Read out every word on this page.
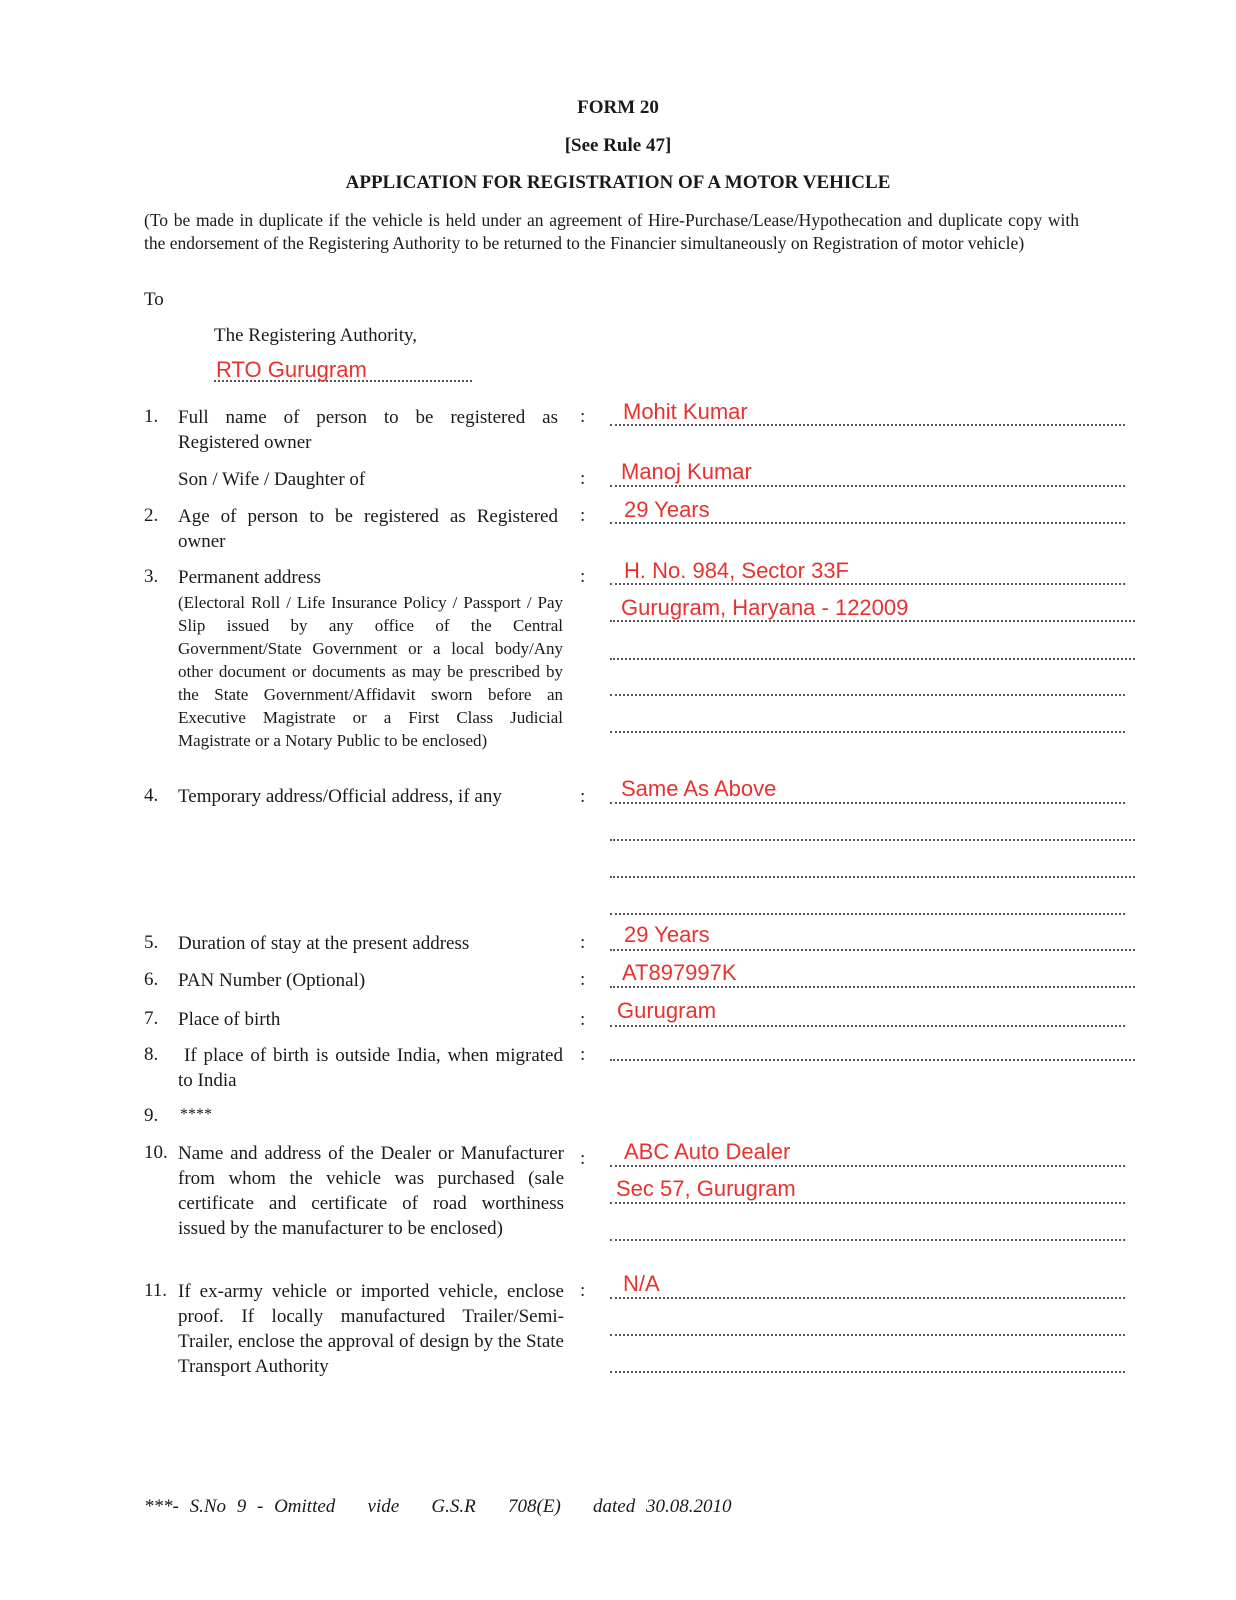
FORM 20
[See Rule 47]
APPLICATION FOR REGISTRATION OF A MOTOR VEHICLE
(To be made in duplicate if the vehicle is held under an agreement of Hire-Purchase/Lease/Hypothecation and duplicate copy with the endorsement of the Registering Authority to be returned to the Financier simultaneously on Registration of motor vehicle)
To
The Registering Authority,
RTO Gurugram
1. Full name of person to be registered as Registered owner
: Mohit Kumar
Son / Wife / Daughter of	: Manoj Kumar
2. Age of person to be registered as Registered owner
: 29 Years
3. Permanent address
(Electoral Roll / Life Insurance Policy / Passport / Pay Slip issued by any office of the Central Government/State Government or a local body/Any other document or documents as may be prescribed by the State Government/Affidavit sworn before an Executive Magistrate or a First Class Judicial Magistrate or a Notary Public to be enclosed)
: H. No. 984, Sector 33F
Gurugram, Haryana - 122009
4. Temporary address/Official address, if any	: Same As Above
5. Duration of stay at the present address	: 29 Years
6. PAN Number (Optional)	: AT897997K
7. Place of birth	: Gurugram
8.	If place of birth is outside India, when migrated to India
:
9. ****
10. Name and address of the Dealer or Manufacturer from whom the vehicle was purchased (sale certificate and certificate of road worthiness issued by the manufacturer to be enclosed)
: ABC Auto Dealer
Sec 57, Gurugram
11. If ex-army vehicle or imported vehicle, enclose proof. If locally manufactured Trailer/Semi-Trailer, enclose the approval of design by the State Transport Authority
: N/A
***- S.No 9 - Omitted   vide   G.S.R   708(E)   dated 30.08.2010
